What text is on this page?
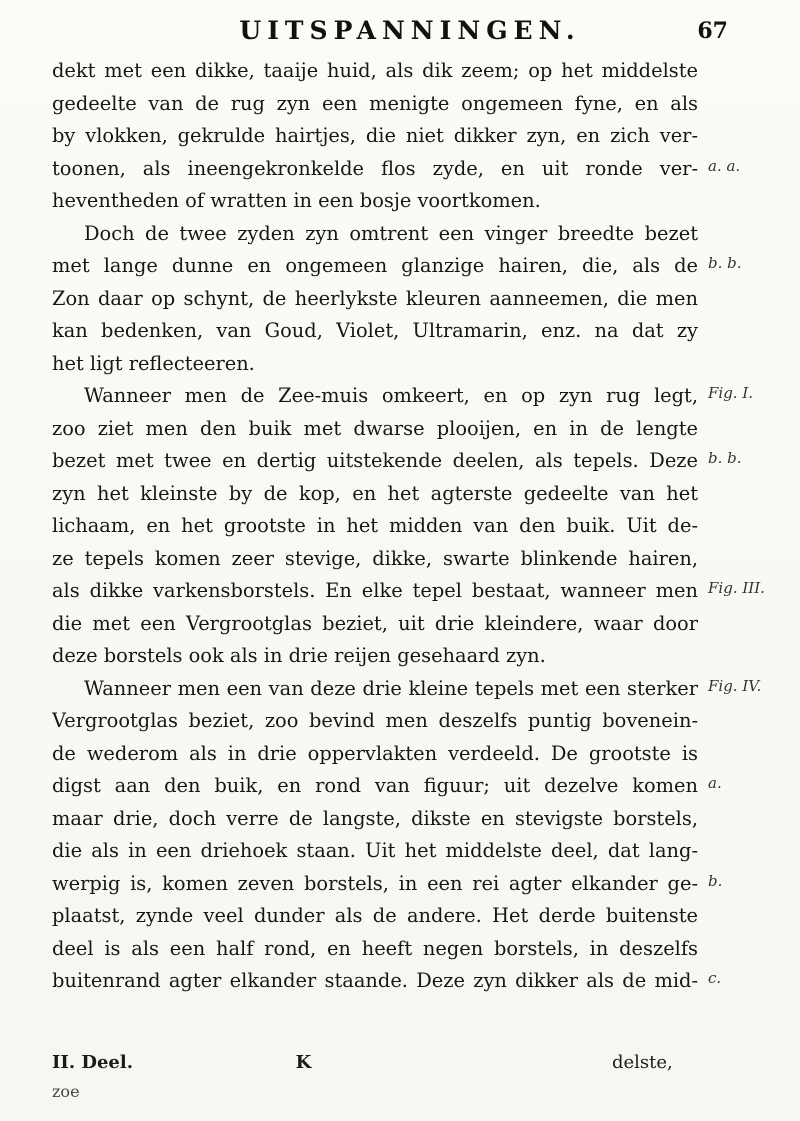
UITSPANNINGEN.	67
dekt met een dikke, taaije huid, als dik zeem; op het middelste
gedeelte van de rug zyn een menigte ongemeen fyne, en als
by vlokken, gekrulde hairtjes, die niet dikker zyn, en zich ver-
toonen, als ineengekronkelde flos zyde, en uit ronde ver-
heventheden of wratten in een bosje voortkomen.
Doch de twee zyden zyn omtrent een vinger breedte bezet
met lange dunne en ongemeen glanzige hairen, die, als de
Zon daar op schynt, de heerlykste kleuren aanneemen, die men
kan bedenken, van Goud, Violet, Ultramarin, enz. na dat zy
het ligt reflecteeren.
Wanneer men de Zee-muis omkeert, en op zyn rug legt,
zoo ziet men den buik met dwarse plooijen, en in de lengte
bezet met twee en dertig uitstekende deelen, als tepels. Deze
zyn het kleinste by de kop, en het agterste gedeelte van het
lichaam, en het grootste in het midden van den buik. Uit de-
ze tepels komen zeer stevige, dikke, swarte blinkende hairen,
als dikke varkensborstels. En elke tepel bestaat, wanneer men
die met een Vergrootglas beziet, uit drie kleindere, waar door
deze borstels ook als in drie reijen gesehaard zyn.
Wanneer men een van deze drie kleine tepels met een sterker
Vergrootglas beziet, zoo bevind men deszelfs puntig bovenein-
de wederom als in drie oppervlakten verdeeld. De grootste is
digst aan den buik, en rond van figuur; uit dezelve komen
maar drie, doch verre de langste, dikste en stevigste borstels,
die als in een driehoek staan. Uit het middelste deel, dat lang-
werpig is, komen zeven borstels, in een rei agter elkander ge-
plaatst, zynde veel dunder als de andere. Het derde buitenste
deel is als een half rond, en heeft negen borstels, in deszelfs
buitenrand agter elkander staande. Deze zyn dikker als de mid-
a. a.
b. b.
Fig. I.
b. b.
Fig. III.
Fig. IV.
a.
b.
c.
II. Deel.	K	delste,
zoe
